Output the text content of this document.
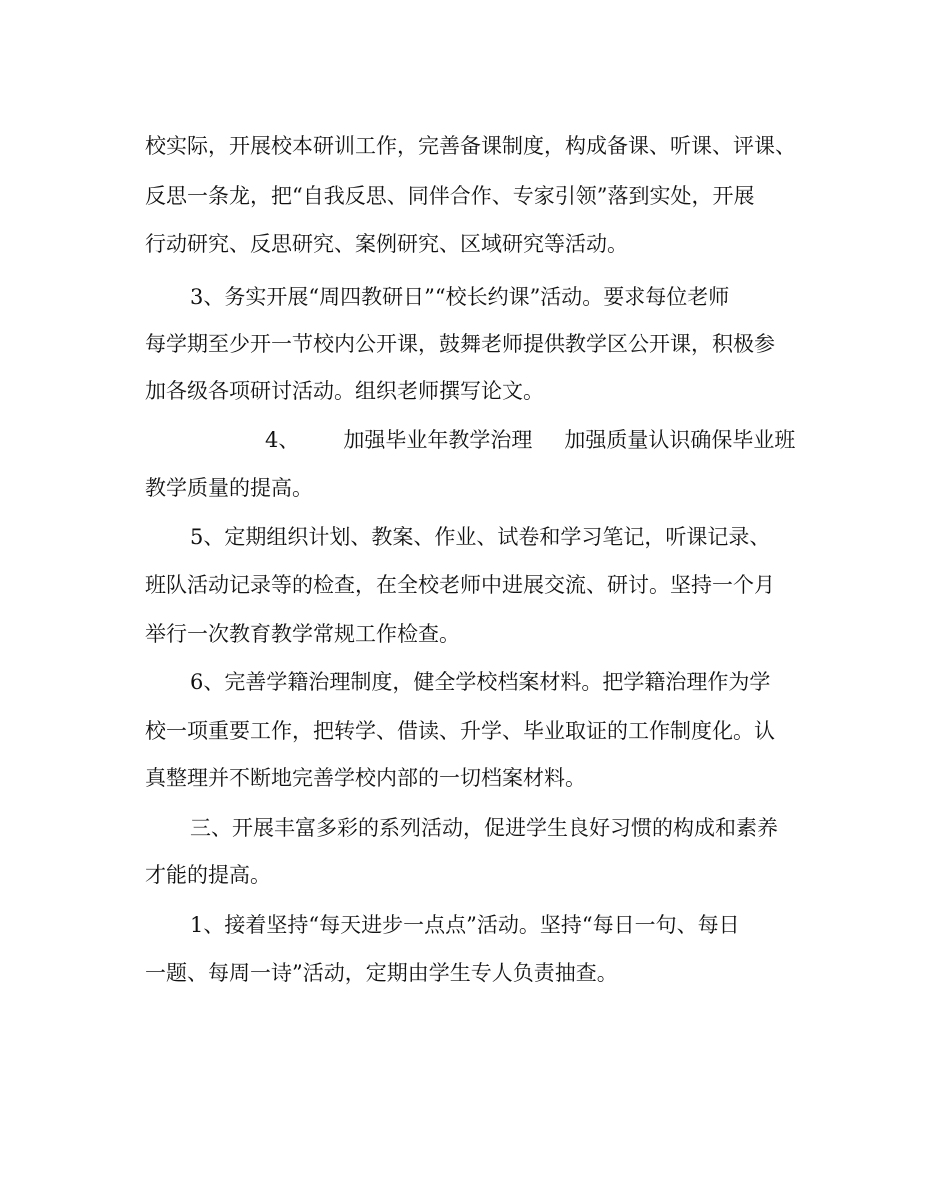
校实际，开展校本研训工作，完善备课制度，构成备课、听课、评课、

反思一条龙，把“自我反思、同伴合作、专家引领”落到实处，开展

行动研究、反思研究、案例研究、区域研究等活动。

3、务实开展“周四教研日”“校长约课”活动。要求每位老师

每学期至少开一节校内公开课，鼓舞老师提供教学区公开课，积极参

加各级各项研讨活动。组织老师撰写论文。

4、 加强毕业年教学治理 加强质量认识确保毕业班

教学质量的提高。

5、定期组织计划、教案、作业、试卷和学习笔记，听课记录、

班队活动记录等的检查，在全校老师中进展交流、研讨。坚持一个月

举行一次教育教学常规工作检查。

6、完善学籍治理制度，健全学校档案材料。把学籍治理作为学

校一项重要工作，把转学、借读、升学、毕业取证的工作制度化。认

真整理并不断地完善学校内部的一切档案材料。

三、开展丰富多彩的系列活动，促进学生良好习惯的构成和素养

才能的提高。

1、接着坚持“每天进步一点点”活动。坚持“每日一句、每日

一题、每周一诗”活动，定期由学生专人负责抽查。
